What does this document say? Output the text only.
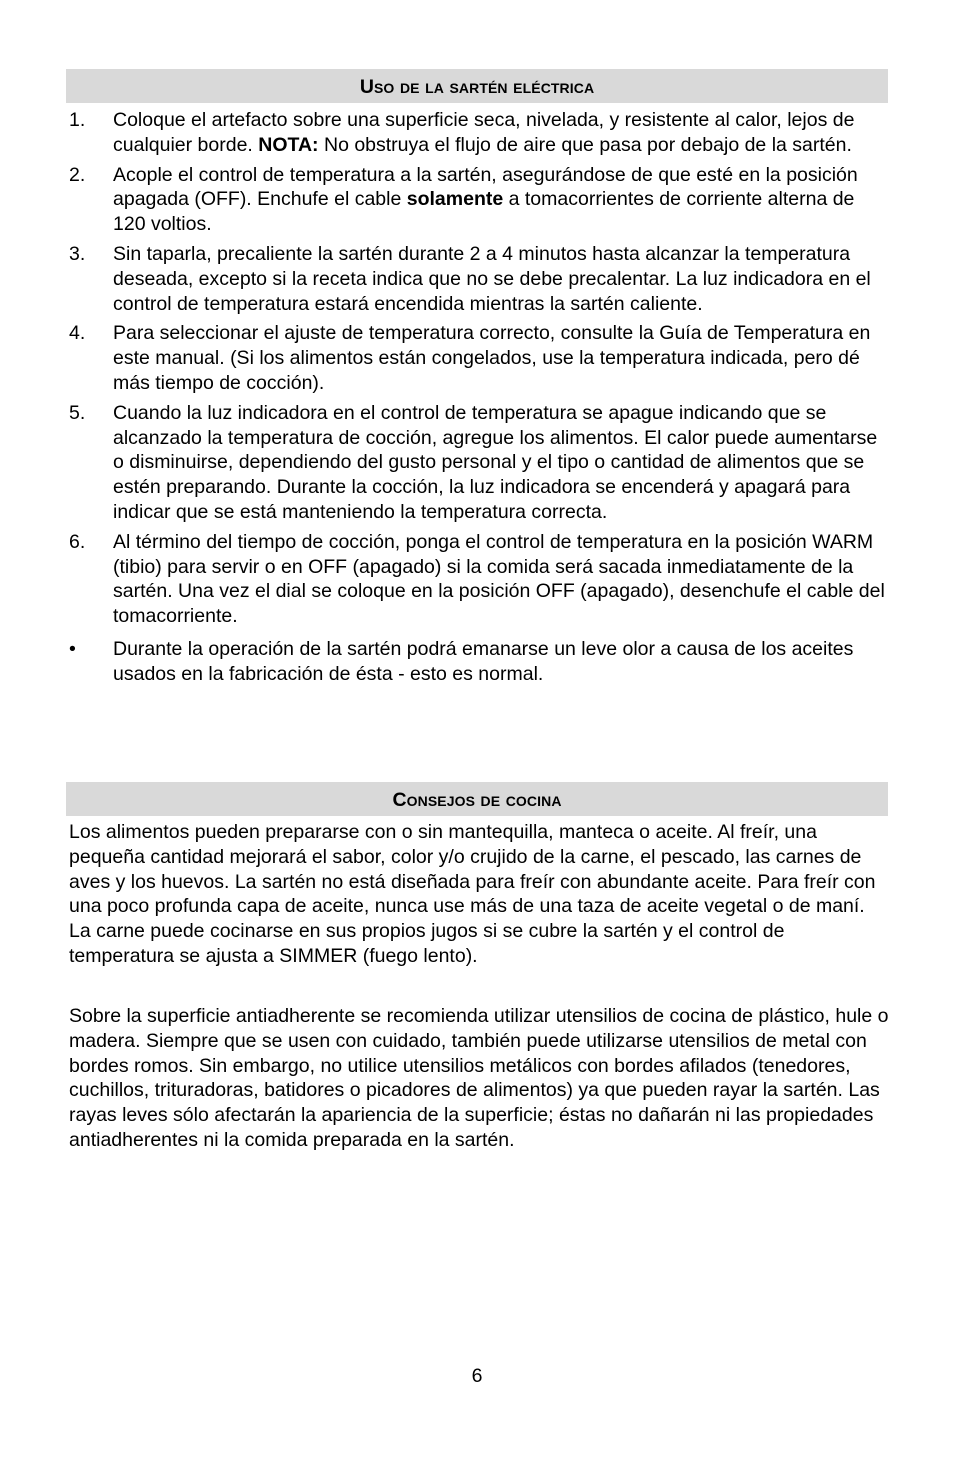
Uso de la sartén eléctrica
1. Coloque el artefacto sobre una superficie seca, nivelada, y resistente al calor, lejos de cualquier borde. NOTA: No obstruya el flujo de aire que pasa por debajo de la sartén.
2. Acople el control de temperatura a la sartén, asegurándose de que esté en la posición apagada (OFF). Enchufe el cable solamente a tomacorrientes de corriente alterna de 120 voltios.
3. Sin taparla, precaliente la sartén durante 2 a 4 minutos hasta alcanzar la temperatura deseada, excepto si la receta indica que no se debe precalentar. La luz indicadora en el control de temperatura estará encendida mientras la sartén caliente.
4. Para seleccionar el ajuste de temperatura correcto, consulte la Guía de Temperatura en este manual. (Si los alimentos están congelados, use la temperatura indicada, pero dé más tiempo de cocción).
5. Cuando la luz indicadora en el control de temperatura se apague indicando que se alcanzado la temperatura de cocción, agregue los alimentos. El calor puede aumentarse o disminuirse, dependiendo del gusto personal y el tipo o cantidad de alimentos que se estén preparando. Durante la cocción, la luz indicadora se encenderá y apagará para indicar que se está manteniendo la temperatura correcta.
6. Al término del tiempo de cocción, ponga el control de temperatura en la posición WARM (tibio) para servir o en OFF (apagado) si la comida será sacada inmediatamente de la sartén. Una vez el dial se coloque en la posición OFF (apagado), desenchufe el cable del tomacorriente.
• Durante la operación de la sartén podrá emanarse un leve olor a causa de los aceites usados en la fabricación de ésta - esto es normal.
Consejos de cocina

Los alimentos pueden prepararse con o sin mantequilla, manteca o aceite. Al freír, una pequeña cantidad mejorará el sabor, color y/o crujido de la carne, el pescado, las carnes de aves y los huevos. La sartén no está diseñada para freír con abundante aceite. Para freír con una poco profunda capa de aceite, nunca use más de una taza de aceite vegetal o de maní. La carne puede cocinarse en sus propios jugos si se cubre la sartén y el control de temperatura se ajusta a SIMMER (fuego lento).

Sobre la superficie antiadherente se recomienda utilizar utensilios de cocina de plástico, hule o madera. Siempre que se usen con cuidado, también puede utilizarse utensilios de metal con bordes romos. Sin embargo, no utilice utensilios metálicos con bordes afilados (tenedores, cuchillos, trituradoras, batidores o picadores de alimentos) ya que pueden rayar la sartén. Las rayas leves sólo afectarán la apariencia de la superficie; éstas no dañarán ni las propiedades antiadherentes ni la comida preparada en la sartén.

6
